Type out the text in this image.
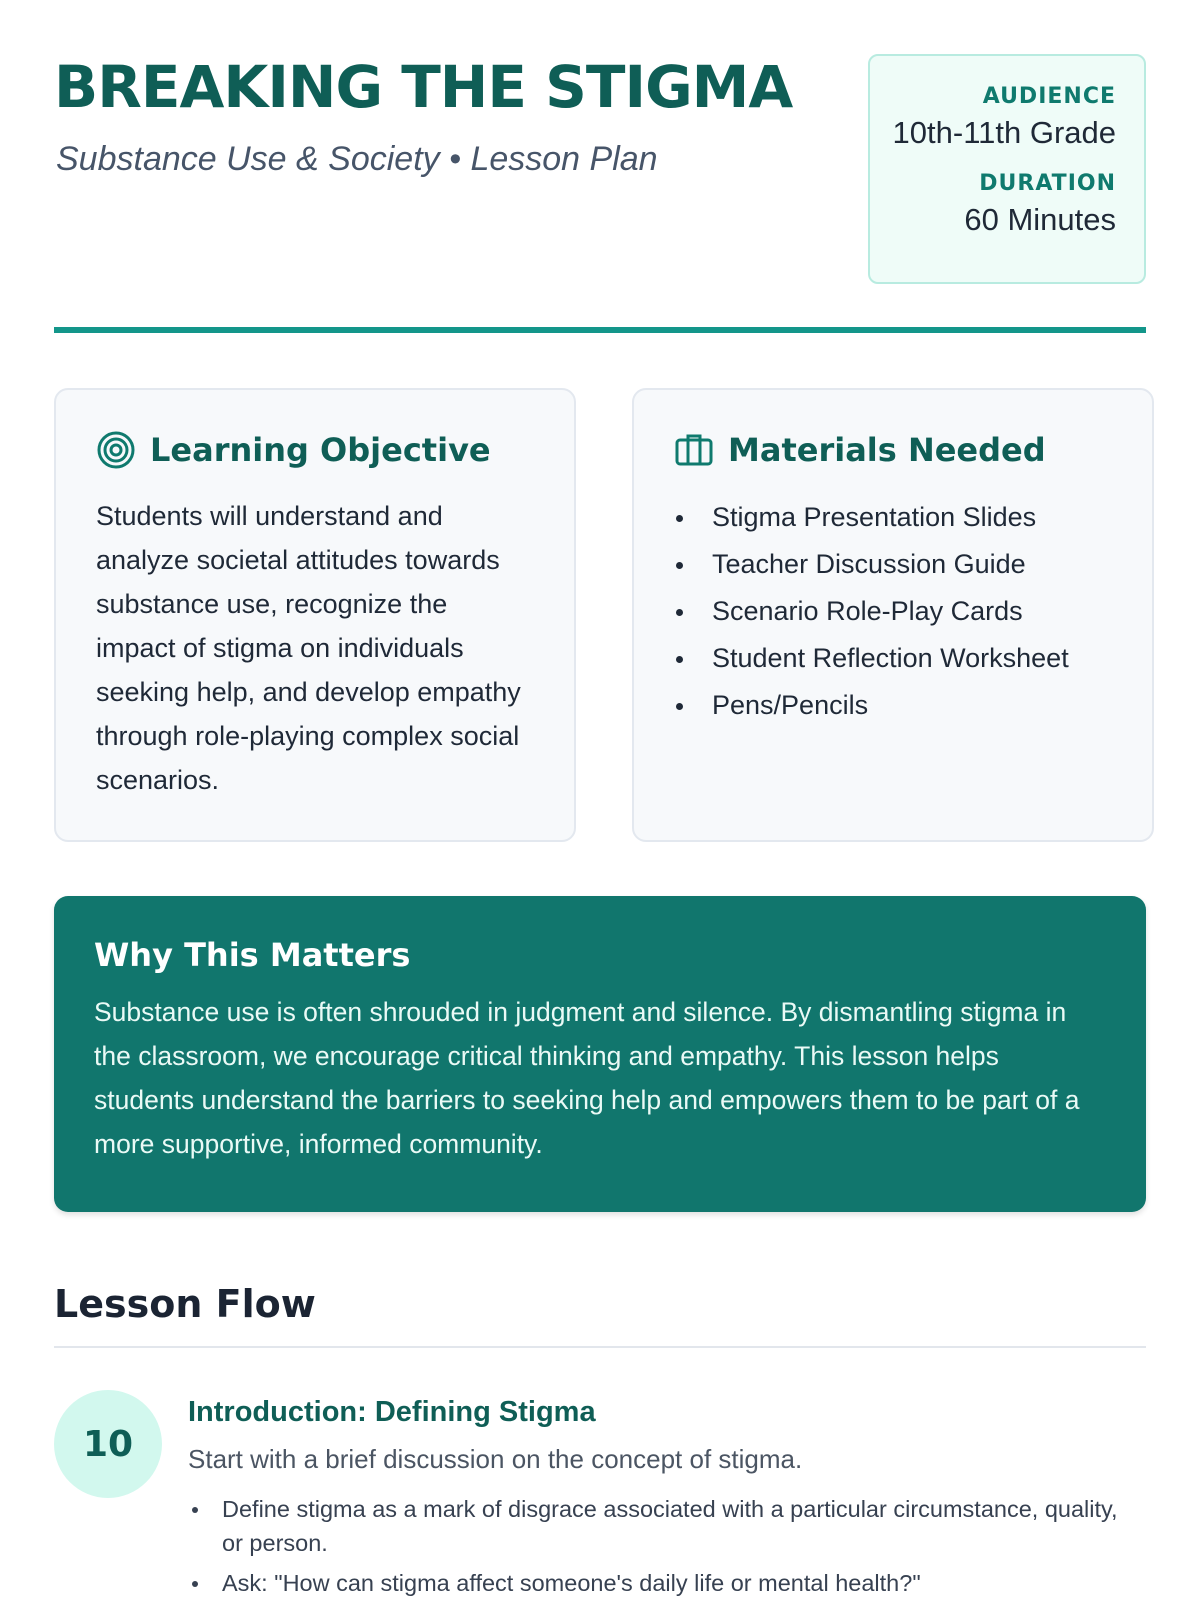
BREAKING THE STIGMA
Substance Use & Society • Lesson Plan
AUDIENCE
10th-11th Grade
DURATION
60 Minutes
Learning Objective

Students will understand and analyze societal attitudes towards substance use, recognize the impact of stigma on individuals seeking help, and develop empathy through role-playing complex social scenarios.

Materials Needed
Stigma Presentation Slides
Teacher Discussion Guide
Scenario Role-Play Cards
Student Reflection Worksheet
Pens/Pencils
Why This Matters

Substance use is often shrouded in judgment and silence. By dismantling stigma in the classroom, we encourage critical thinking and empathy. This lesson helps students understand the barriers to seeking help and empowers them to be part of a more supportive, informed community.

Lesson Flow
10
Introduction: Defining Stigma

Start with a brief discussion on the concept of stigma.

Define stigma as a mark of disgrace associated with a particular circumstance, quality, or person.
Ask: "How can stigma affect someone's daily life or mental health?"
